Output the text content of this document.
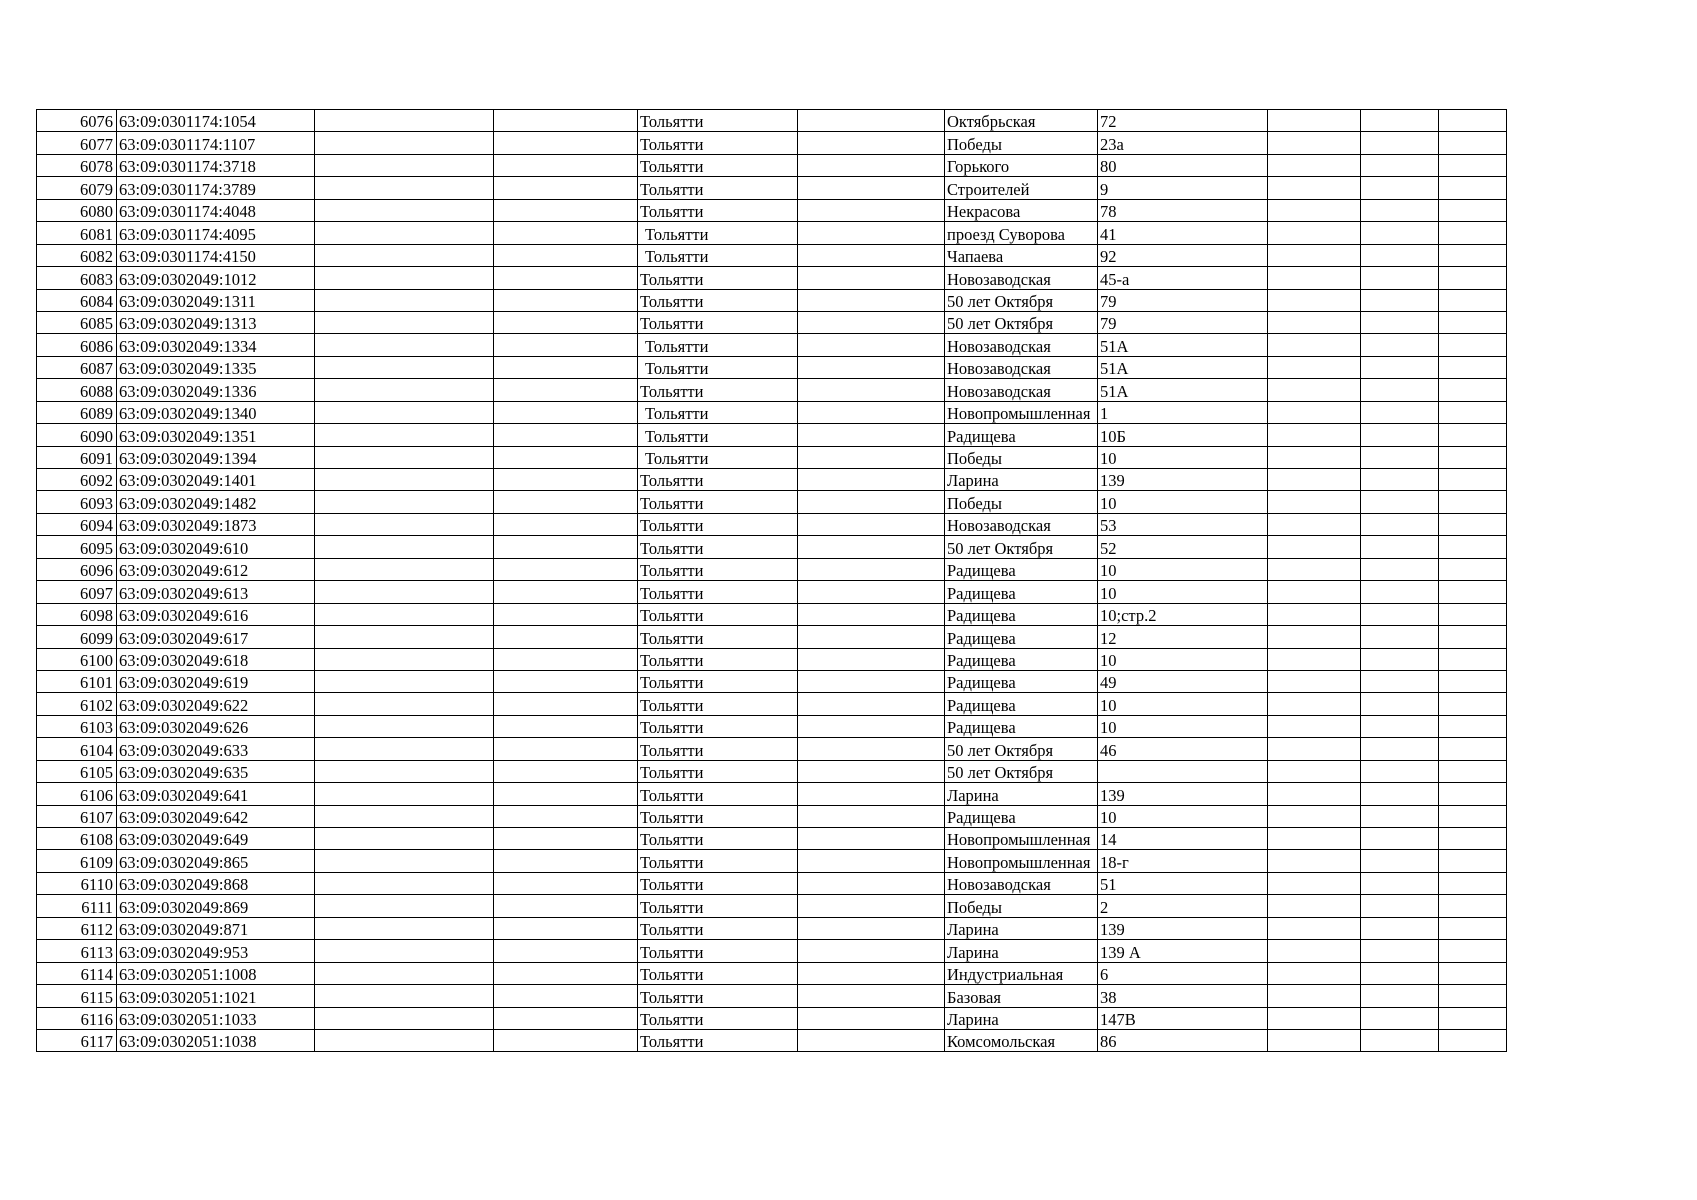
6076	63:09:0301174:1054			Тольятти		Октябрьская	72			
6077	63:09:0301174:1107			Тольятти		Победы	23а			
6078	63:09:0301174:3718			Тольятти		Горького	80			
6079	63:09:0301174:3789			Тольятти		Строителей	9			
6080	63:09:0301174:4048			Тольятти		Некрасова	78			
6081	63:09:0301174:4095			Тольятти		проезд Суворова	41			
6082	63:09:0301174:4150			Тольятти		Чапаева	92			
6083	63:09:0302049:1012			Тольятти		Новозаводская	45-а			
6084	63:09:0302049:1311			Тольятти		50 лет Октября	79			
6085	63:09:0302049:1313			Тольятти		50 лет Октября	79			
6086	63:09:0302049:1334			Тольятти		Новозаводская	51А			
6087	63:09:0302049:1335			Тольятти		Новозаводская	51А			
6088	63:09:0302049:1336			Тольятти		Новозаводская	51А			
6089	63:09:0302049:1340			Тольятти		Новопромышленная	1			
6090	63:09:0302049:1351			Тольятти		Радищева	10Б			
6091	63:09:0302049:1394			Тольятти		Победы	10			
6092	63:09:0302049:1401			Тольятти		Ларина	139			
6093	63:09:0302049:1482			Тольятти		Победы	10			
6094	63:09:0302049:1873			Тольятти		Новозаводская	53			
6095	63:09:0302049:610			Тольятти		50 лет Октября	52			
6096	63:09:0302049:612			Тольятти		Радищева	10			
6097	63:09:0302049:613			Тольятти		Радищева	10			
6098	63:09:0302049:616			Тольятти		Радищева	10;стр.2			
6099	63:09:0302049:617			Тольятти		Радищева	12			
6100	63:09:0302049:618			Тольятти		Радищева	10			
6101	63:09:0302049:619			Тольятти		Радищева	49			
6102	63:09:0302049:622			Тольятти		Радищева	10			
6103	63:09:0302049:626			Тольятти		Радищева	10			
6104	63:09:0302049:633			Тольятти		50 лет Октября	46			
6105	63:09:0302049:635			Тольятти		50 лет Октября				
6106	63:09:0302049:641			Тольятти		Ларина	139			
6107	63:09:0302049:642			Тольятти		Радищева	10			
6108	63:09:0302049:649			Тольятти		Новопромышленная	14			
6109	63:09:0302049:865			Тольятти		Новопромышленная	18-г			
6110	63:09:0302049:868			Тольятти		Новозаводская	51			
6111	63:09:0302049:869			Тольятти		Победы	2			
6112	63:09:0302049:871			Тольятти		Ларина	139			
6113	63:09:0302049:953			Тольятти		Ларина	139 А			
6114	63:09:0302051:1008			Тольятти		Индустриальная	6			
6115	63:09:0302051:1021			Тольятти		Базовая	38			
6116	63:09:0302051:1033			Тольятти		Ларина	147В			
6117	63:09:0302051:1038			Тольятти		Комсомольская	86			
